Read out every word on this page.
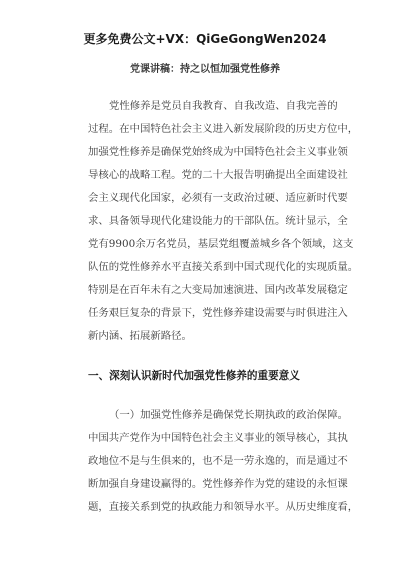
更多免费公文+VX：QiGeGongWen2024
党课讲稿：持之以恒加强党性修养
党性修养是党员自我教育、自我改造、自我完善的
过程。在中国特色社会主义进入新发展阶段的历史方位中，
加强党性修养是确保党始终成为中国特色社会主义事业领
导核心的战略工程。党的二十大报告明确提出全面建设社
会主义现代化国家，必须有一支政治过硬、适应新时代要
求、具备领导现代化建设能力的干部队伍。统计显示，全
党有9900余万名党员，基层党组覆盖城乡各个领域，这支
队伍的党性修养水平直接关系到中国式现代化的实现质量。
特别是在百年未有之大变局加速演进、国内改革发展稳定
任务艰巨复杂的背景下，党性修养建设需要与时俱进注入
新内涵、拓展新路径。
一、深刻认识新时代加强党性修养的重要意义
（一）加强党性修养是确保党长期执政的政治保障。
中国共产党作为中国特色社会主义事业的领导核心，其执
政地位不是与生俱来的，也不是一劳永逸的，而是通过不
断加强自身建设赢得的。党性修养作为党的建设的永恒课
题，直接关系到党的执政能力和领导水平。从历史维度看，
